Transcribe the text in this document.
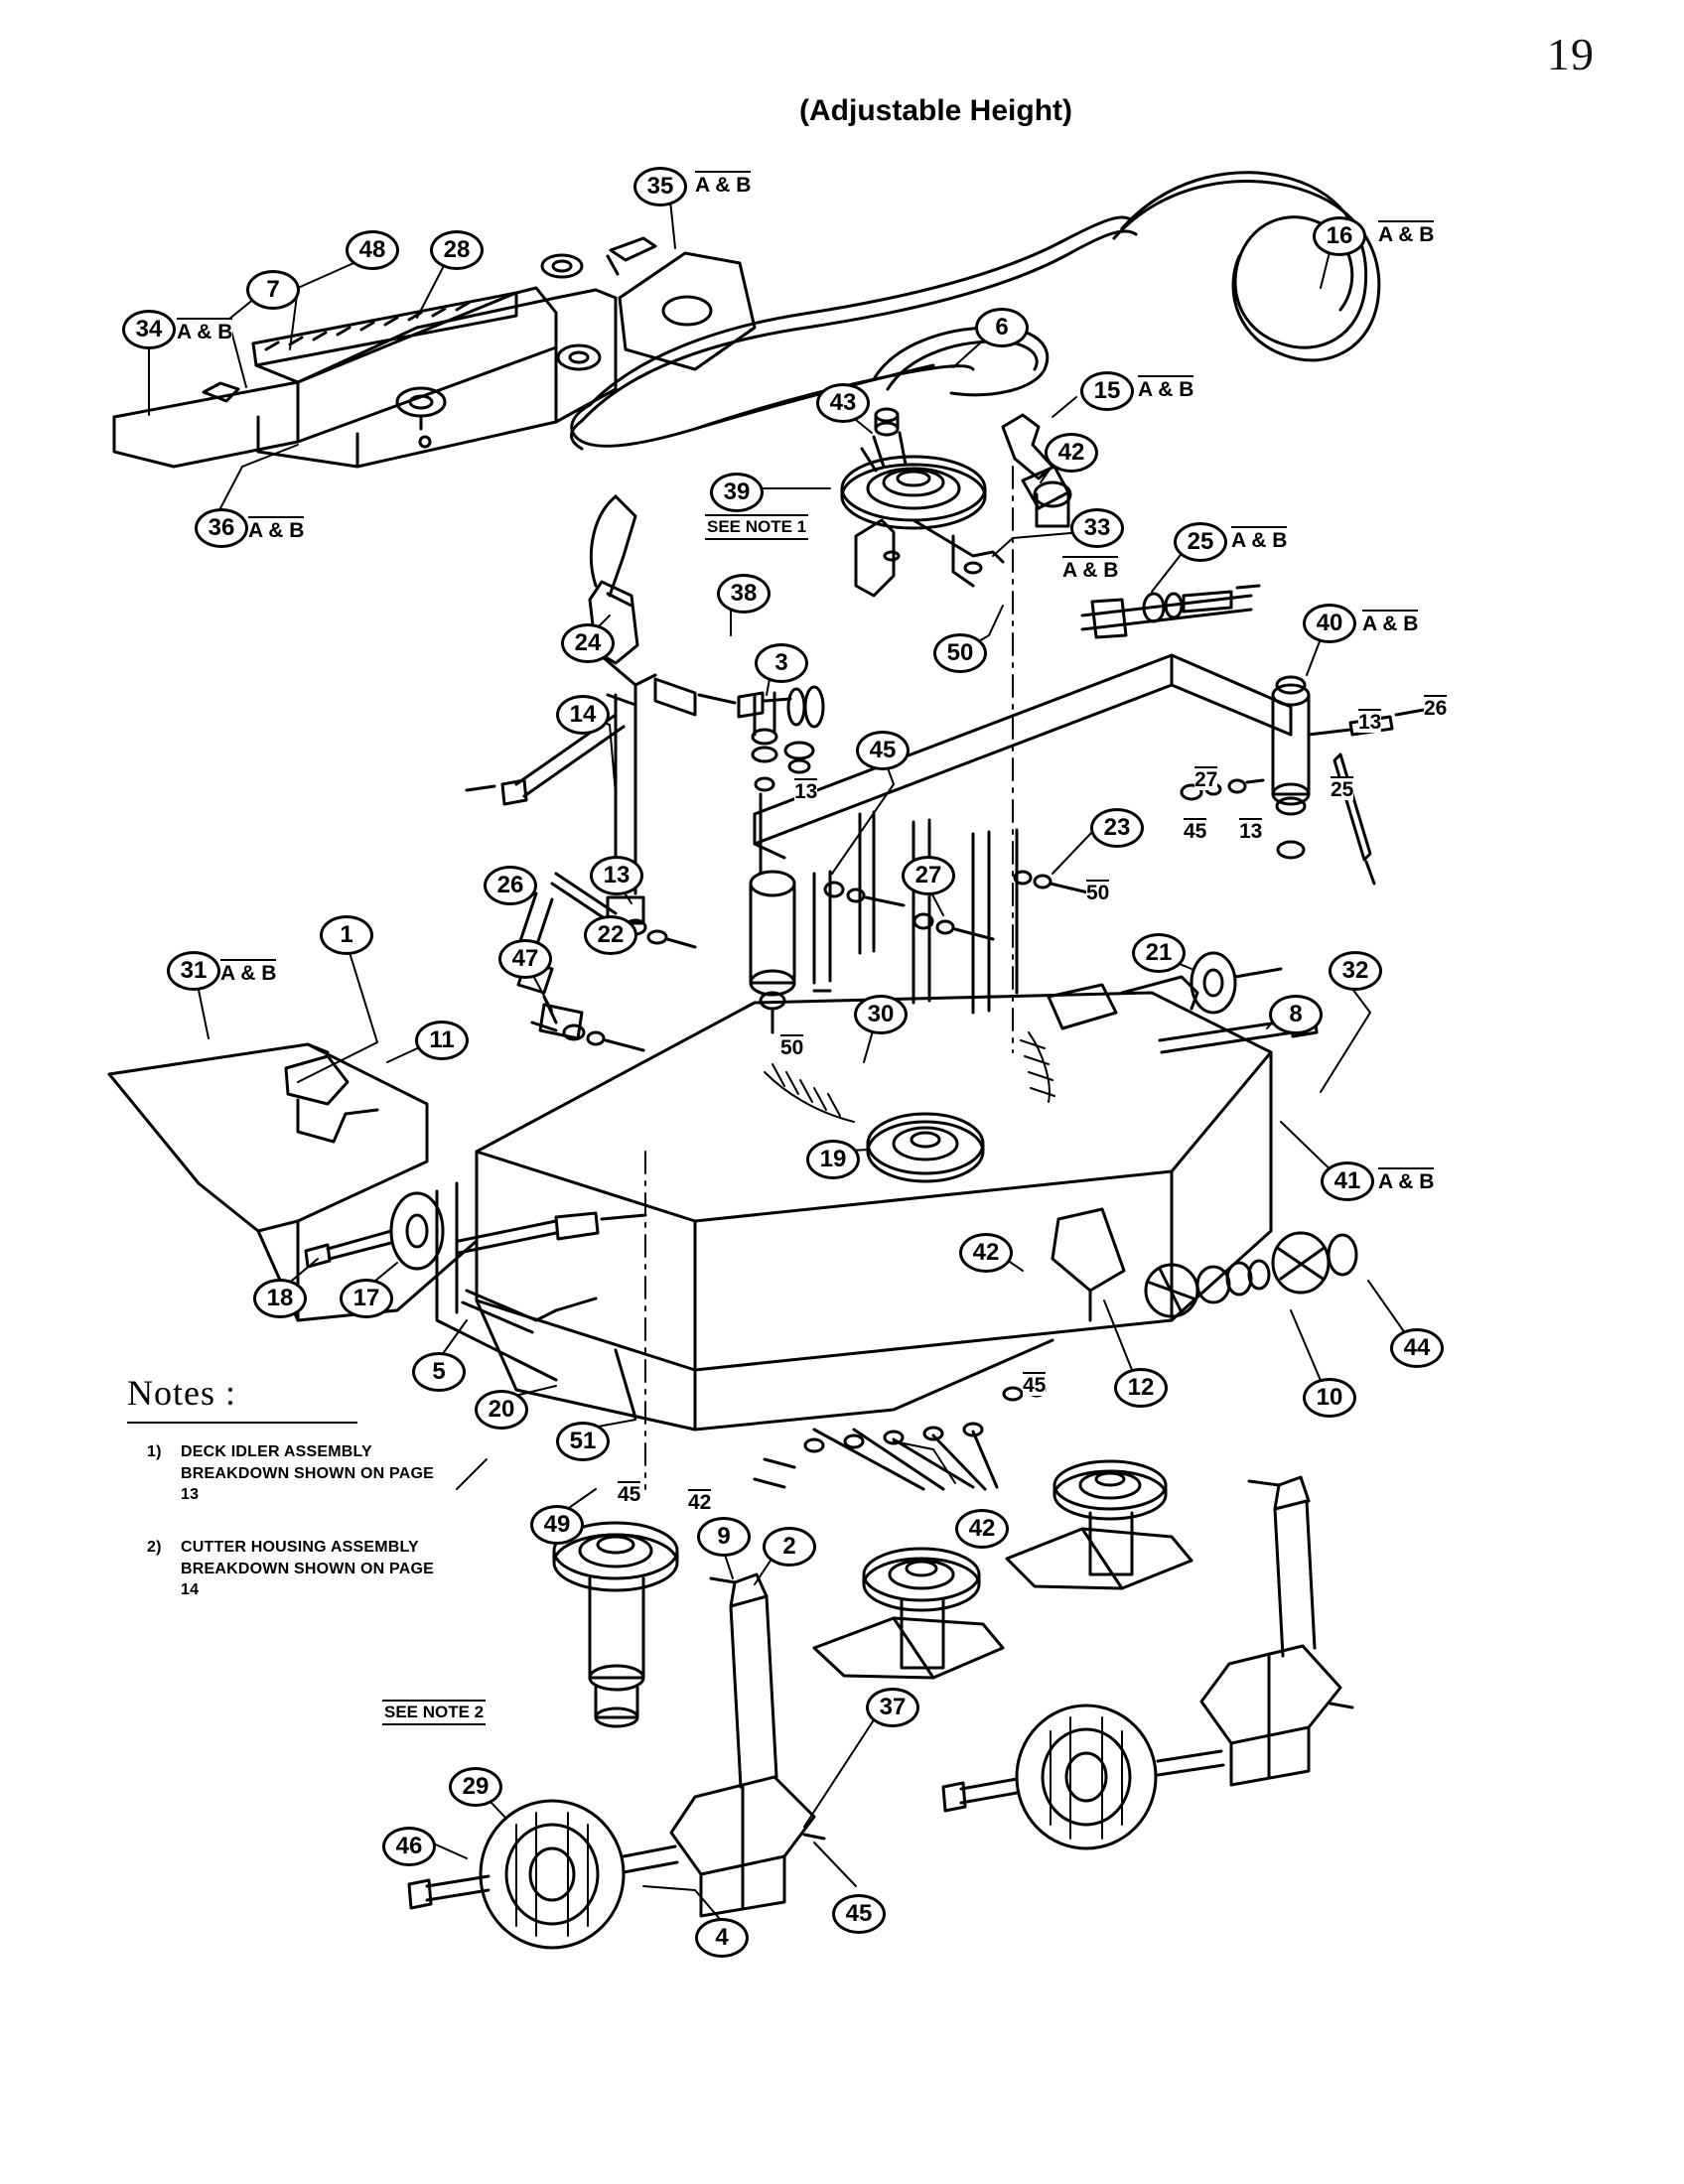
19
(Adjustable Height)
35
16
48 28
7
34	6
15
43
42
36
39
33
25
38
40
24
3	50
14
45
23
26	13	27
22
47
1
31
21
32
30	8
11
19
41
18	17
42
12	10
44
5
20
51
49	9 2
42
37
29
46
4
45
13
13
26
25
27
45 13
50
50
45 42
45
A & B
A & B
A & B
A & B
A & B
A & B
A & B
A & B
A & B
A & B
SEE NOTE 1
SEE NOTE 2
Notes :
1) DECK IDLER ASSEMBLY BREAKDOWN SHOWN ON PAGE 13
2) CUTTER HOUSING ASSEMBLY BREAKDOWN SHOWN ON PAGE 14
